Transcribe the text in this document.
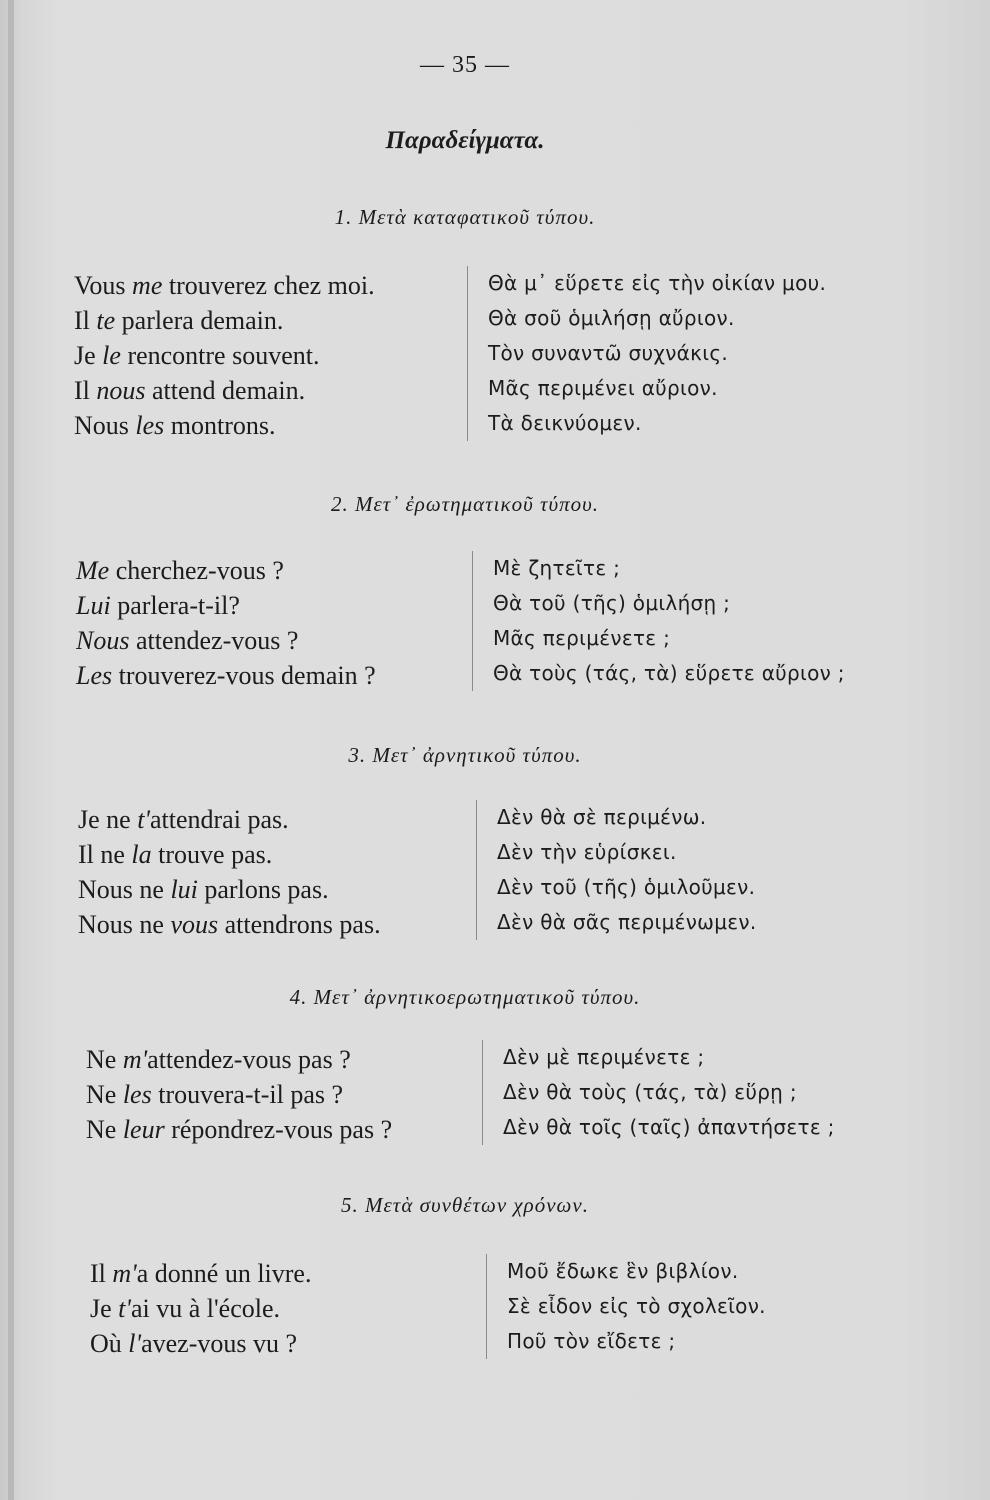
— 35 —
Παραδείγματα.
1. Μετὰ καταφατικοῦ τύπου.
Vous me trouverez chez moi.
Il te parlera demain.
Je le rencontre souvent.
Il nous attend demain.
Nous les montrons.
Θὰ μ᾽ εὕρετε εἰς τὴν οἰκίαν μου.
Θὰ σοῦ ὁμιλήσῃ αὔριον.
Τὸν συναντῶ συχνάκις.
Μᾶς περιμένει αὔριον.
Τὰ δεικνύομεν.
2. Μετ᾽ ἐρωτηματικοῦ τύπου.
Me cherchez-vous ?
Lui parlera-t-il?
Nous attendez-vous ?
Les trouverez-vous demain ?
Μὲ ζητεῖτε ;
Θὰ τοῦ (τῆς) ὁμιλήσῃ ;
Μᾶς περιμένετε ;
Θὰ τοὺς (τάς, τὰ) εὕρετε αὔριον ;
3. Μετ᾽ ἀρνητικοῦ τύπου.
Je ne t'attendrai pas.
Il ne la trouve pas.
Nous ne lui parlons pas.
Nous ne vous attendrons pas.
Δὲν θὰ σὲ περιμένω.
Δὲν τὴν εὑρίσκει.
Δὲν τοῦ (τῆς) ὁμιλοῦμεν.
Δὲν θὰ σᾶς περιμένωμεν.
4. Μετ᾽ ἀρνητικοερωτηματικοῦ τύπου.
Ne m'attendez-vous pas ?
Ne les trouvera-t-il pas ?
Ne leur répondrez-vous pas ?
Δὲν μὲ περιμένετε ;
Δὲν θὰ τοὺς (τάς, τὰ) εὕρῃ ;
Δὲν θὰ τοῖς (ταῖς) ἀπαντήσετε ;
5. Μετὰ συνθέτων χρόνων.
Il m'a donné un livre.
Je t'ai vu à l'école.
Où l'avez-vous vu ?
Μοῦ ἔδωκε ἓν βιβλίον.
Σὲ εἶδον εἰς τὸ σχολεῖον.
Ποῦ τὸν εἴδετε ;
